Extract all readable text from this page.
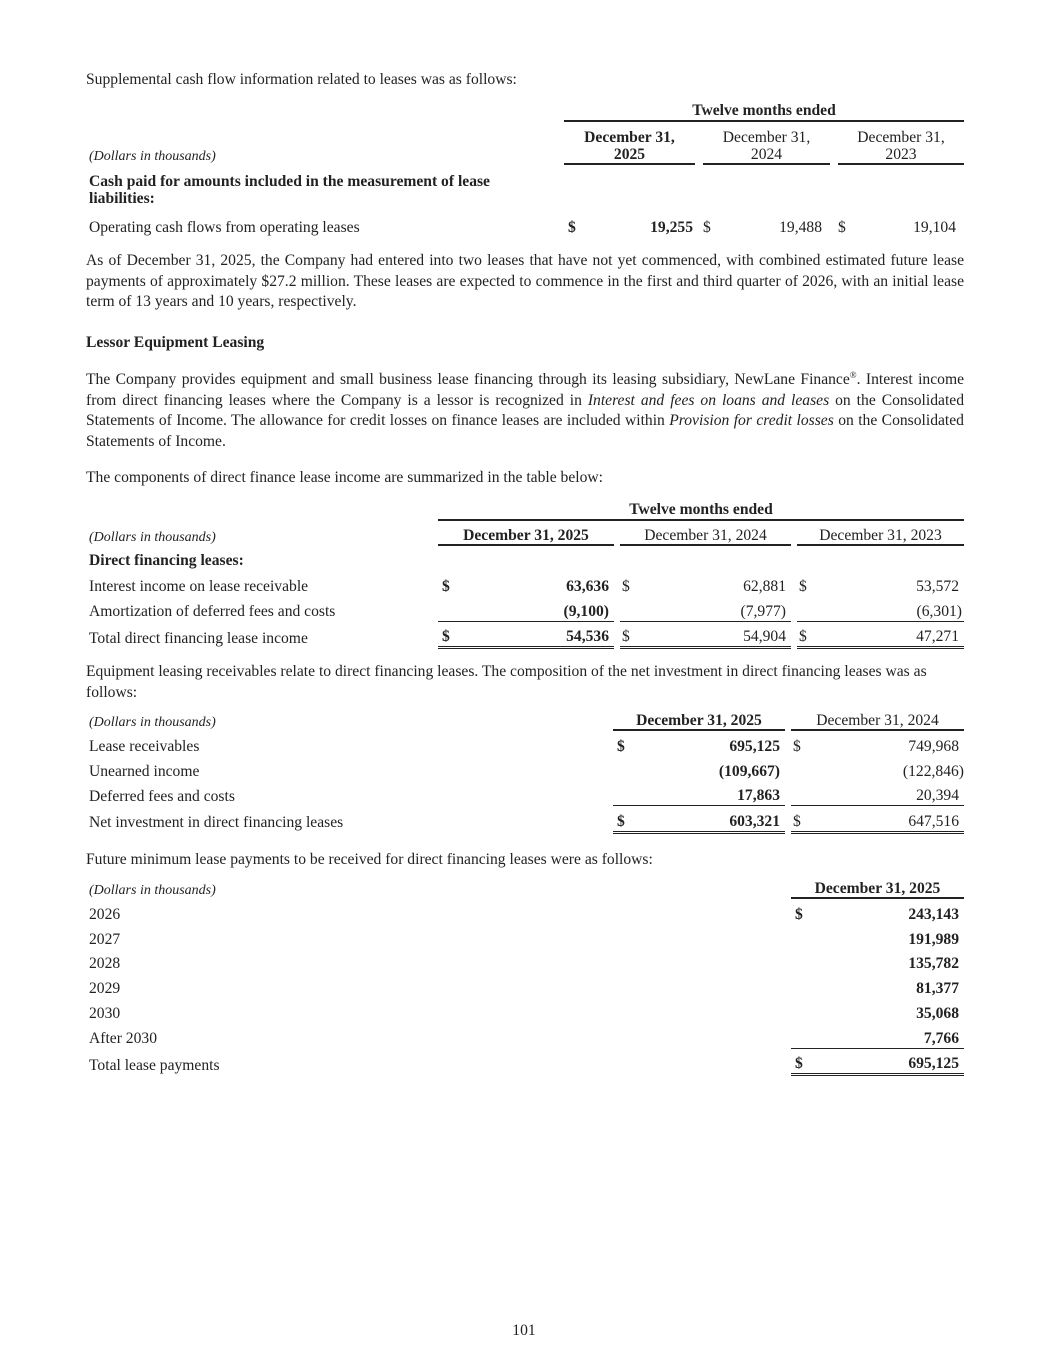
Supplemental cash flow information related to leases was as follows:
	Twelve months ended		
(Dollars in thousands)	December 31,
2025		December 31,
2024		December 31,
2023

Cash paid for amounts included in the measurement of lease liabilities:					
Operating cash flows from operating leases	$ 19,255		$ 19,488		$ 19,104

As of December 31, 2025, the Company had entered into two leases that have not yet commenced, with combined estimated future lease payments of approximately $27.2 million. These leases are expected to commence in the first and third quarter of 2026, with an initial lease term of 13 years and 10 years, respectively.

Lessor Equipment Leasing

The Company provides equipment and small business lease financing through its leasing subsidiary, NewLane Finance®. Interest income from direct financing leases where the Company is a lessor is recognized in Interest and fees on loans and leases on the Consolidated Statements of Income. The allowance for credit losses on finance leases are included within Provision for credit losses on the Consolidated Statements of Income.

The components of direct finance lease income are summarized in the table below:
	Twelve months ended				
(Dollars in thousands)	December 31, 2025		December 31, 2024		December 31, 2023

Direct financing leases:					
Interest income on lease receivable	$ 63,636		$ 62,881		$ 53,572

Amortization of deferred fees and costs	(9,100)		(7,977)		(6,301)
Total direct financing lease income	$ 54,536		$ 54,904		$ 47,271

Equipment leasing receivables relate to direct financing leases. The composition of the net investment in direct financing leases was as follows:

(Dollars in thousands)	December 31, 2025		December 31, 2024

Lease receivables	$ 695,125		$ 749,968

Unearned income	(109,667)		(122,846)
Deferred fees and costs	17,863		20,394
Net investment in direct financing leases	$ 603,321		$ 647,516
Future minimum lease payments to be received for direct financing leases were as follows:
(Dollars in thousands)	December 31, 2025

2026	$ 243,143

2027	191,989
2028	135,782
2029	81,377
2030	35,068
After 2030	7,766
Total lease payments	$ 695,125
101
